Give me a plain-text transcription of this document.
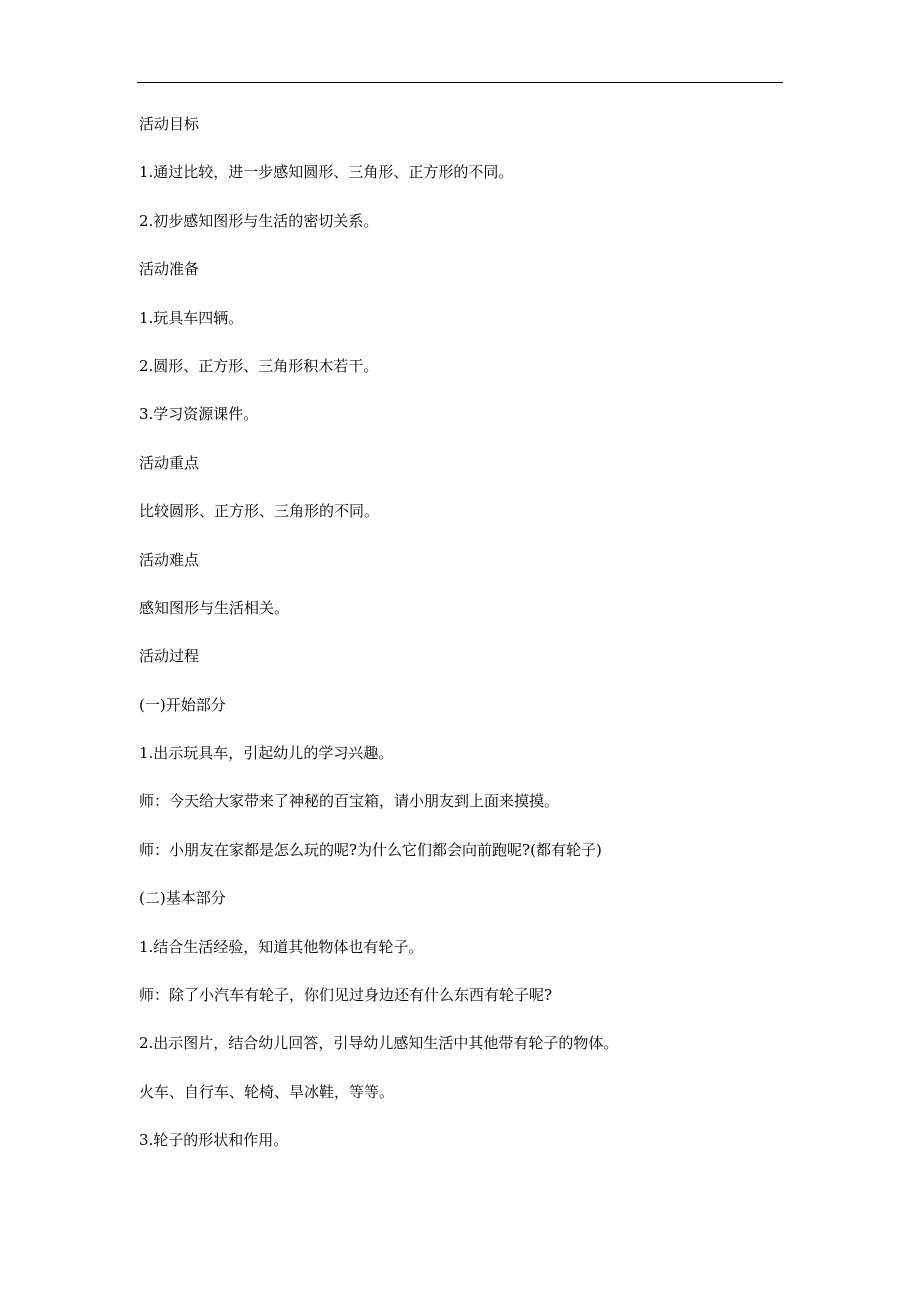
活动目标

1.通过比较，进一步感知圆形、三角形、正方形的不同。

2.初步感知图形与生活的密切关系。

活动准备

1.玩具车四辆。

2.圆形、正方形、三角形积木若干。

3.学习资源课件。

活动重点

比较圆形、正方形、三角形的不同。

活动难点

感知图形与生活相关。

活动过程

(一)开始部分

1.出示玩具车，引起幼儿的学习兴趣。

师：今天给大家带来了神秘的百宝箱，请小朋友到上面来摸摸。

师：小朋友在家都是怎么玩的呢?为什么它们都会向前跑呢?(都有轮子)

(二)基本部分

1.结合生活经验，知道其他物体也有轮子。

师：除了小汽车有轮子，你们见过身边还有什么东西有轮子呢?

2.出示图片，结合幼儿回答，引导幼儿感知生活中其他带有轮子的物体。

火车、自行车、轮椅、旱冰鞋，等等。

3.轮子的形状和作用。
